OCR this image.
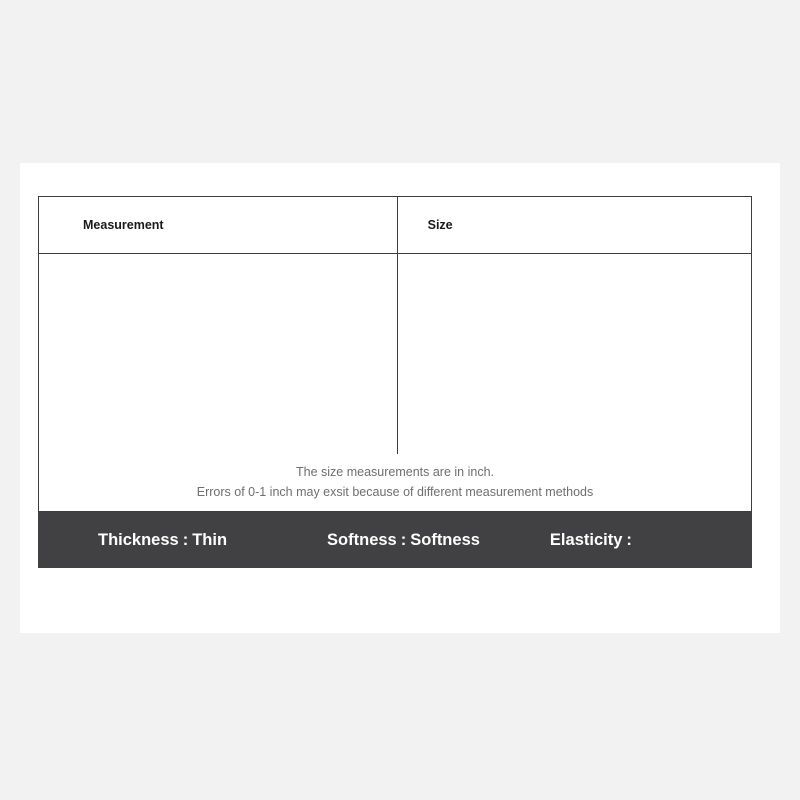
Measurement	Size

The size measurements are in inch.
Errors of 0-1 inch may exsit because of different measurement methods
Thickness : Thin	Softness : Softness	Elasticity :
